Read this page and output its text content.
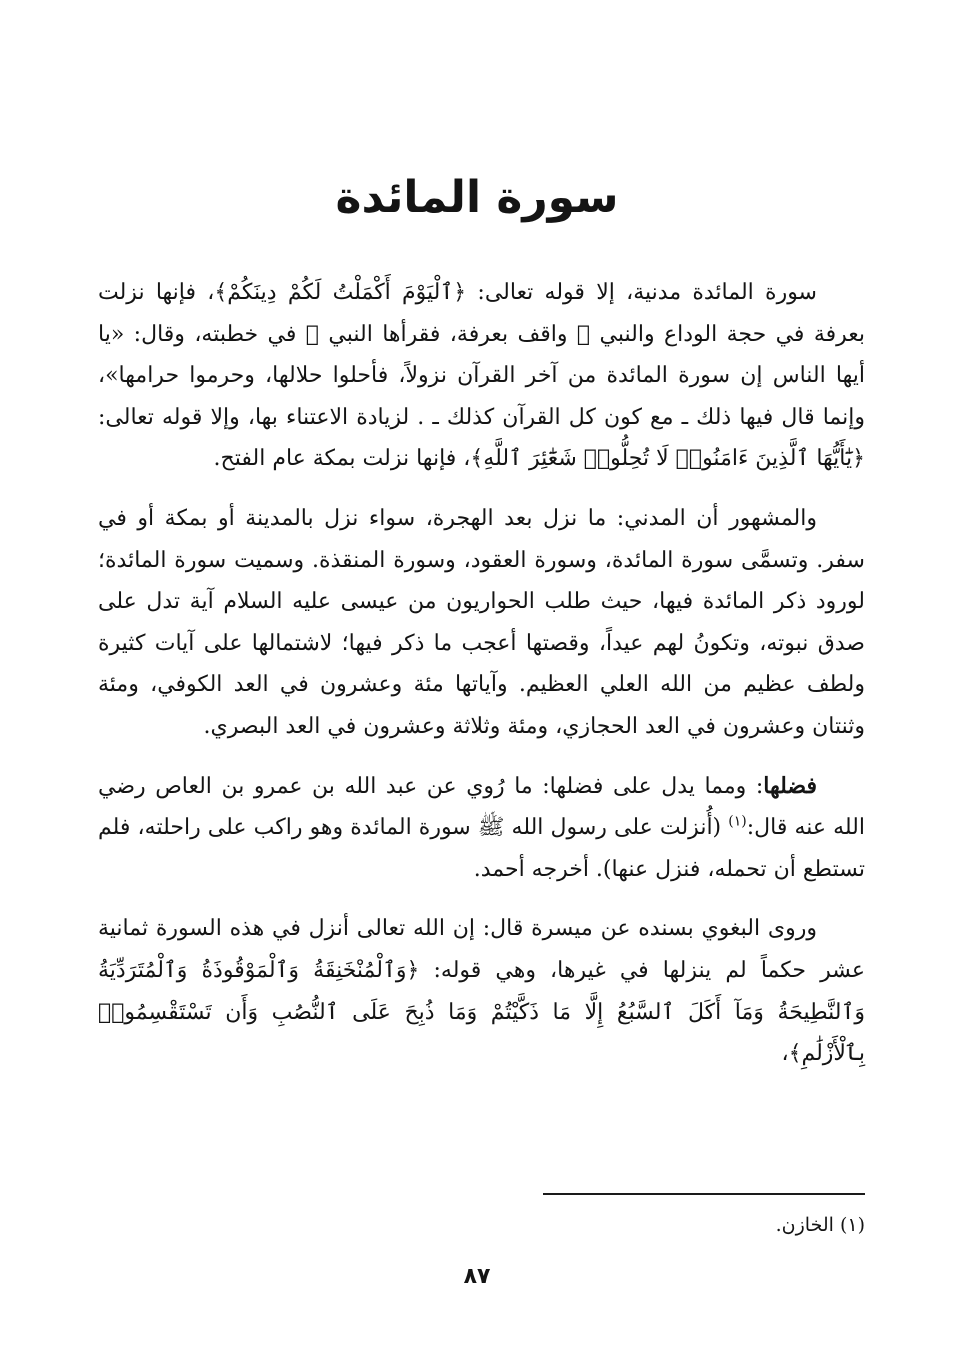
سورة المائدة

سورة المائدة مدنية، إلا قوله تعالى: ﴿ٱلْيَوْمَ أَكْمَلْتُ لَكُمْ دِينَكُمْ﴾، فإنها نزلت بعرفة في حجة الوداع والنبي ﷺ واقف بعرفة، فقرأها النبي ﷺ في خطبته، وقال: «يا أيها الناس إن سورة المائدة من آخر القرآن نزولاً، فأحلوا حلالها، وحرموا حرامها»، وإنما قال فيها ذلك ـ مع كون كل القرآن كذلك ـ . لزيادة الاعتناء بها، وإلا قوله تعالى: ﴿يَٰٓأَيُّهَا ٱلَّذِينَ ءَامَنُوا۟ لَا تُحِلُّوا۟ شَعَٰٓئِرَ ٱللَّهِ﴾، فإنها نزلت بمكة عام الفتح.

والمشهور أن المدني: ما نزل بعد الهجرة، سواء نزل بالمدينة أو بمكة أو في سفر. وتسمَّى سورة المائدة، وسورة العقود، وسورة المنقذة. وسميت سورة المائدة؛ لورود ذكر المائدة فيها، حيث طلب الحواريون من عيسى عليه السلام آية تدل على صدق نبوته، وتكونُ لهم عيداً، وقصتها أعجب ما ذكر فيها؛ لاشتمالها على آيات كثيرة ولطف عظيم من الله العلي العظيم. وآياتها مئة وعشرون في العد الكوفي، ومئة وثنتان وعشرون في العد الحجازي، ومئة وثلاثة وعشرون في العد البصري.

فضلها: ومما يدل على فضلها: ما رُوي عن عبد الله بن عمرو بن العاص رضي الله عنه قال:$^{(١)}$ (أُنزلت على رسول الله ﷺ سورة المائدة وهو راكب على راحلته، فلم تستطع أن تحمله، فنزل عنها). أخرجه أحمد.

وروى البغوي بسنده عن ميسرة قال: إن الله تعالى أنزل في هذه السورة ثمانية عشر حكماً لم ينزلها في غيرها، وهي قوله: ﴿وَٱلْمُنْخَنِقَةُ وَٱلْمَوْقُوذَةُ وَٱلْمُتَرَدِّيَةُ وَٱلنَّطِيحَةُ وَمَآ أَكَلَ ٱلسَّبُعُ إِلَّا مَا ذَكَّيْتُمْ وَمَا ذُبِحَ عَلَى ٱلنُّصُبِ وَأَن تَسْتَقْسِمُوا۟ بِٱلْأَزْلَٰمِ﴾،

(١) الخازن.
٨٧
